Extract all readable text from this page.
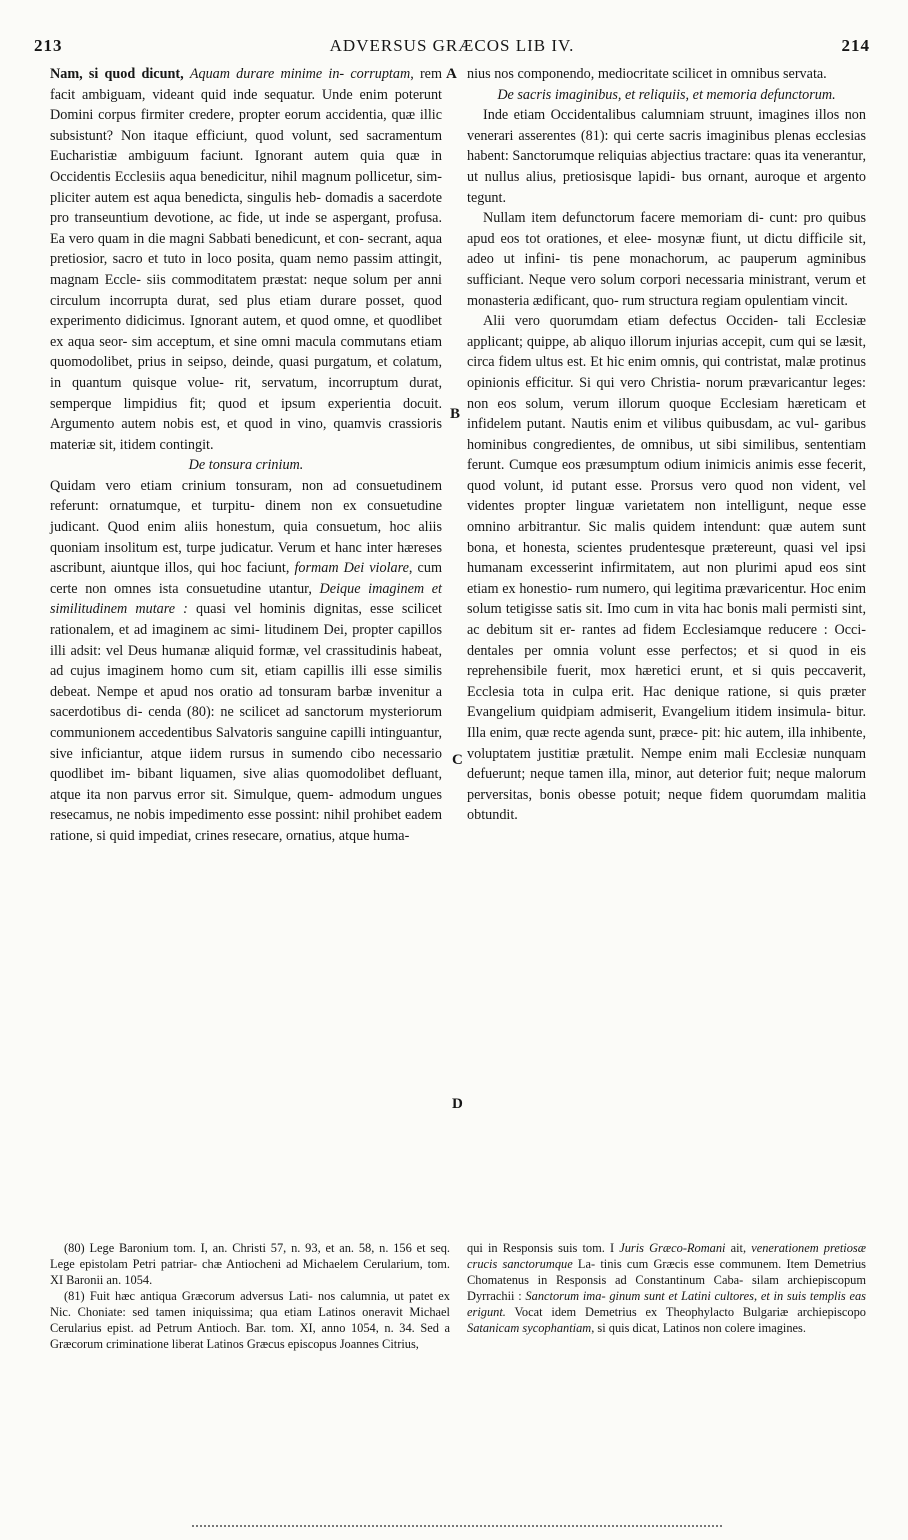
213	ADVERSUS GRÆCOS LIB IV.	214
A
B
C
D

Nam, si quod dicunt, Aquam durare minime in- corruptam, rem facit ambiguam, videant quid inde sequatur. Unde enim poterunt Domini corpus firmiter credere, propter eorum accidentia, quæ illic subsistunt? Non itaque efficiunt, quod volunt, sed sacramentum Eucharistiæ ambiguum faciunt. Ignorant autem quia quæ in Occidentis Ecclesiis aqua benedicitur, nihil magnum pollicetur, sim- pliciter autem est aqua benedicta, singulis heb- domadis a sacerdote pro transeuntium devotione, ac fide, ut inde se aspergant, profusa. Ea vero quam in die magni Sabbati benedicunt, et con- secrant, aqua pretiosior, sacro et tuto in loco posita, quam nemo passim attingit, magnam Eccle- siis commoditatem præstat: neque solum per anni circulum incorrupta durat, sed plus etiam durare posset, quod experimento didicimus. Ignorant autem, et quod omne, et quodlibet ex aqua seor- sim acceptum, et sine omni macula commutans etiam quomodolibet, prius in seipso, deinde, quasi purgatum, et colatum, in quantum quisque volue- rit, servatum, incorruptum durat, semperque limpidius fit; quod et ipsum experientia docuit. Argumento autem nobis est, et quod in vino, quamvis crassioris materiæ sit, itidem contingit.

De tonsura crinium.

Quidam vero etiam crinium tonsuram, non ad consuetudinem referunt: ornatumque, et turpitu- dinem non ex consuetudine judicant. Quod enim aliis honestum, quia consuetum, hoc aliis quoniam insolitum est, turpe judicatur. Verum et hanc inter hæreses ascribunt, aiuntque illos, qui hoc faciunt, formam Dei violare, cum certe non omnes ista consuetudine utantur, Deique imaginem et similitudinem mutare : quasi vel hominis dignitas, esse scilicet rationalem, et ad imaginem ac simi- litudinem Dei, propter capillos illi adsit: vel Deus humanæ aliquid formæ, vel crassitudinis habeat, ad cujus imaginem homo cum sit, etiam capillis illi esse similis debeat. Nempe et apud nos oratio ad tonsuram barbæ invenitur a sacerdotibus di- cenda (80): ne scilicet ad sanctorum mysteriorum communionem accedentibus Salvatoris sanguine capilli intinguantur, sive inficiantur, atque iidem rursus in sumendo cibo necessario quodlibet im- bibant liquamen, sive alias quomodolibet defluant, atque ita non parvus error sit. Simulque, quem- admodum ungues resecamus, ne nobis impedimento esse possint: nihil prohibet eadem ratione, si quid impediat, crines resecare, ornatius, atque huma-

nius nos componendo, mediocritate scilicet in omnibus servata.

De sacris imaginibus, et reliquiis, et memoria defunctorum.

Inde etiam Occidentalibus calumniam struunt, imagines illos non venerari asserentes (81): qui certe sacris imaginibus plenas ecclesias habent: Sanctorumque reliquias abjectius tractare: quas ita venerantur, ut nullus alius, pretiosisque lapidi- bus ornant, auroque et argento tegunt.

Nullam item defunctorum facere memoriam di- cunt: pro quibus apud eos tot orationes, et elee- mosynæ fiunt, ut dictu difficile sit, adeo ut infini- tis pene monachorum, ac pauperum agminibus sufficiant. Neque vero solum corpori necessaria ministrant, verum et monasteria ædificant, quo- rum structura regiam opulentiam vincit.

Alii vero quorumdam etiam defectus Occiden- tali Ecclesiæ applicant; quippe, ab aliquo illorum injurias accepit, cum qui se læsit, circa fidem ultus est. Et hic enim omnis, qui contristat, malæ protinus opinionis efficitur. Si qui vero Christia- norum prævaricantur leges: non eos solum, verum illorum quoque Ecclesiam hæreticam et infidelem putant. Nautis enim et vilibus quibusdam, ac vul- garibus hominibus congredientes, de omnibus, ut sibi similibus, sententiam ferunt. Cumque eos præsumptum odium inimicis animis esse fecerit, quod volunt, id putant esse. Prorsus vero quod non vident, vel videntes propter linguæ varietatem non intelligunt, neque esse omnino arbitrantur. Sic malis quidem intendunt: quæ autem sunt bona, et honesta, scientes prudentesque prætereunt, quasi vel ipsi humanam excesserint infirmitatem, aut non plurimi apud eos sint etiam ex honestio- rum numero, qui legitima prævaricentur. Hoc enim solum tetigisse satis sit. Imo cum in vita hac bonis mali permisti sint, ac debitum sit er- rantes ad fidem Ecclesiamque reducere : Occi- dentales per omnia volunt esse perfectos; et si quod in eis reprehensibile fuerit, mox hæretici erunt, et si quis peccaverit, Ecclesia tota in culpa erit. Hac denique ratione, si quis præter Evangelium quidpiam admiserit, Evangelium itidem insimula- bitur. Illa enim, quæ recte agenda sunt, præce- pit: hic autem, illa inhibente, voluptatem justitiæ prætulit. Nempe enim mali Ecclesiæ nunquam defuerunt; neque tamen illa, minor, aut deterior fuit; neque malorum perversitas, bonis obesse potuit; neque fidem quorumdam malitia obtundit.

(80) Lege Baronium tom. I, an. Christi 57, n. 93, et an. 58, n. 156 et seq. Lege epistolam Petri patriar- chæ Antiocheni ad Michaelem Cerularium, tom. XI Baronii an. 1054.

(81) Fuit hæc antiqua Græcorum adversus Lati- nos calumnia, ut patet ex Nic. Choniate: sed tamen iniquissima; qua etiam Latinos oneravit Michael Cerularius epist. ad Petrum Antioch. Bar. tom. XI, anno 1054, n. 34. Sed a Græcorum criminatione liberat Latinos Græcus episcopus Joannes Citrius,

qui in Responsis suis tom. I Juris Græco-Romani ait, venerationem pretiosæ crucis sanctorumque La- tinis cum Græcis esse communem. Item Demetrius Chomatenus in Responsis ad Constantinum Caba- silam archiepiscopum Dyrrachii : Sanctorum ima- ginum sunt et Latini cultores, et in suis templis eas erigunt. Vocat idem Demetrius ex Theophylacto Bulgariæ archiepiscopo Satanicam sycophantiam, si quis dicat, Latinos non colere imagines.
